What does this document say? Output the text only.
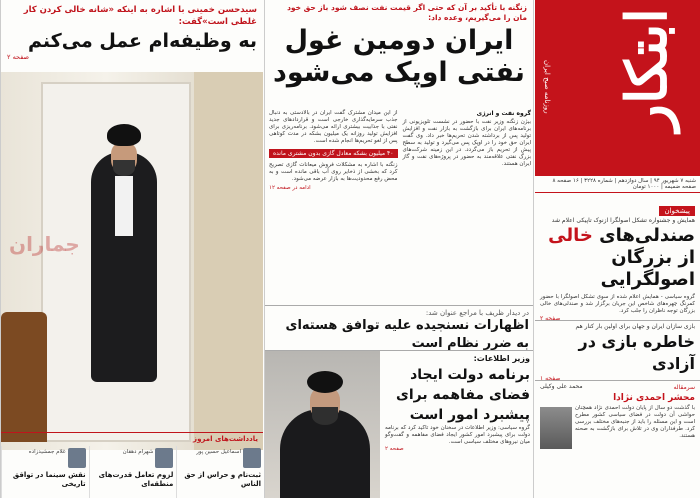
سیدحسن خمینی با اشاره به اینکه «شانه خالی کردن کار غلطی است»گفت:
به وظیفه‌ام عمل می‌کنم
صفحه ۲
جماران
یادداشت‌های امروز
اسماعیل حسین پور
ثبت‌نام و حراس از حق الناس
شهرام دهقان
لزوم تعامل قدرت‌های منطقه‌ای
غلام جمشیدزاده
نقش سینما در تواقق تاریخی
زنگنه با تأکید بر آن که حتی اگر قیمت نفت نصف شود باز حق خود مان را می‌گیریم، وعده داد:
ایران دومین غول نفتی اوپک می‌شود
گروه نفت و انرژی
بیژن زنگنه وزیر نفت با حضور در نشست تلویزیونی از برنامه‌های ایران برای بازگشت به بازار نفت و افزایش تولید پس از برداشته شدن تحریم‌ها خبر داد. وی گفت ایران حق خود را در اوپک پس می‌گیرد و تولید به سطح پیش از تحریم باز می‌گردد. در این زمینه شرکت‌های بزرگ نفتی علاقه‌مند به حضور در پروژه‌های نفت و گاز ایران هستند.
از این میدان مشترک گفت ایران در بالادستی به دنبال جذب سرمایه‌گذاری خارجی است و قراردادهای جدید نفتی با جذابیت بیشتری ارائه می‌شود. برنامه‌ریزی برای افزایش تولید روزانه یک میلیون بشکه در مدت کوتاهی پس از لغو تحریم‌ها انجام شده است.
۴۰ میلیون بشکه معادل گازی بدون مشتری مانده
زنگنه با اشاره به مشکلات فروش میعانات گازی تصریح کرد که بخشی از ذخایر روی آب باقی مانده است و به محض رفع محدودیت‌ها به بازار عرضه می‌شود.
ادامه در صفحه ۱۲
در دیدار ظریف با مراجع عنوان شد:
اظهارات نسنجیده علیه توافق هسته‌ای به ضرر نظام است
وزیر اطلاعات:
برنامه دولت ایجاد فضای مفاهمه برای پیشبرد امور است
گروه سیاسی: وزیر اطلاعات در سخنان خود تاکید کرد که برنامه دولت برای پیشبرد امور کشور ایجاد فضای مفاهمه و گفت‌وگو میان نیروهای مختلف سیاسی است.
صفحه ۲
ابتکار
روزنامه صبح ایران
شنبه ۷ شهریور ۹۴ | سال دوازدهم | شماره ۳۲۲۸ | ۱۶ صفحه ۸ صفحه ضمیمه | ۱۰۰۰ تومان
پیشخوان
همایش و جشنواره تشکل اصولگرا ازنوک تاپیکی اعلام شد
صندلی‌های خالی از بزرگان اصولگرایی
گروه سیاسی - همایش اعلام شده از سوی تشکل اصولگرا با حضور کمرنگ چهره‌های شاخص این جریان برگزار شد و صندلی‌های خالی بزرگان توجه ناظران را جلب کرد.
صفحه ۲
بازی سازان ایران و جهان برای اولین بار کنار هم
خاطره بازی در آزادی
صفحه ۱
سرمقاله
محمد علی وکیلی
محشر احمدی نژادا
با گذشت دو سال از پایان دولت احمدی نژاد همچنان حواشی آن دولت در فضای سیاسی کشور مطرح است و این مسئله را باید از جنبه‌های مختلف بررسی کرد. طرفداران وی در تلاش برای بازگشت به صحنه هستند.
